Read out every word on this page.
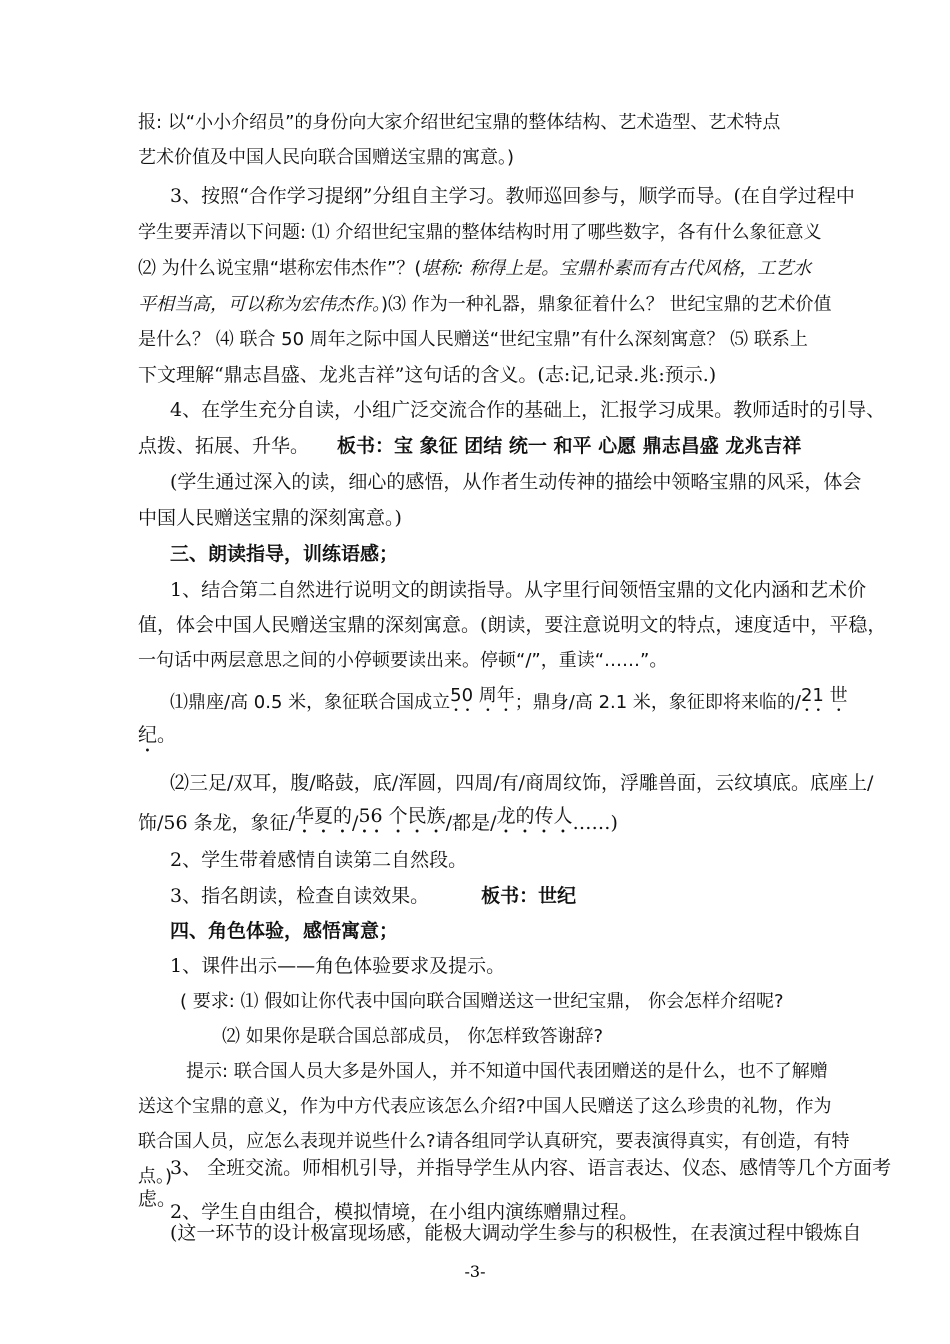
报: 以“小小介绍员”的身份向大家介绍世纪宝鼎的整体结构、艺术造型、艺术特点
艺术价值及中国人民向联合国赠送宝鼎的寓意。)
3、按照“合作学习提纲”分组自主学习。教师巡回参与，顺学而导。(在自学过程中
学生要弄清以下问题: ⑴ 介绍世纪宝鼎的整体结构时用了哪些数字，各有什么象征意义
⑵ 为什么说宝鼎“堪称宏伟杰作”？(堪称: 称得上是。宝鼎朴素而有古代风格，工艺水
平相当高，可以称为宏伟杰作。)⑶ 作为一种礼器，鼎象征着什么？ 世纪宝鼎的艺术价值
是什么？ ⑷ 联合 50 周年之际中国人民赠送“世纪宝鼎”有什么深刻寓意？ ⑸ 联系上
下文理解“鼎志昌盛、龙兆吉祥”这句话的含义。(志:记,记录.兆:预示.)
4、在学生充分自读，小组广泛交流合作的基础上，汇报学习成果。教师适时的引导、
点拨、拓展、升华。 板书：宝 象征 团结 统一 和平 心愿 鼎志昌盛 龙兆吉祥
(学生通过深入的读，细心的感悟，从作者生动传神的描绘中领略宝鼎的风采，体会
中国人民赠送宝鼎的深刻寓意。)
三、朗读指导，训练语感；
1、结合第二自然进行说明文的朗读指导。从字里行间领悟宝鼎的文化内涵和艺术价
值，体会中国人民赠送宝鼎的深刻寓意。(朗读，要注意说明文的特点，速度适中，平稳，
一句话中两层意思之间的小停顿要读出来。停顿“/”，重读“……”。
⑴鼎座/高 0.5 米，象征联合国成立50 周年；鼎身/高 2.1 米，象征即将来临的/21 世
纪。
⑵三足/双耳，腹/略鼓，底/浑圆，四周/有/商周纹饰，浮雕兽面，云纹填底。底座上/
饰/56 条龙，象征/华夏的/56 个民族/都是/龙的传人……)
2、学生带着感情自读第二自然段。
3、指名朗读，检查自读效果。	板书：世纪
四、角色体验，感悟寓意；
1、课件出示——角色体验要求及提示。
( 要求: ⑴ 假如让你代表中国向联合国赠送这一世纪宝鼎， 你会怎样介绍呢?
⑵ 如果你是联合国总部成员， 你怎样致答谢辞?
提示: 联合国人员大多是外国人，并不知道中国代表团赠送的是什么，也不了解赠
送这个宝鼎的意义，作为中方代表应该怎么介绍?中国人民赠送了这么珍贵的礼物，作为
联合国人员，应怎么表现并说些什么?请各组同学认真研究，要表演得真实，有创造，有特
点。)
2、学生自由组合，模拟情境，在小组内演练赠鼎过程。
3、 全班交流。师相机引导，并指导学生从内容、语言表达、仪态、感情等几个方面考
虑。
(这一环节的设计极富现场感，能极大调动学生参与的积极性，在表演过程中锻炼自
-3-
